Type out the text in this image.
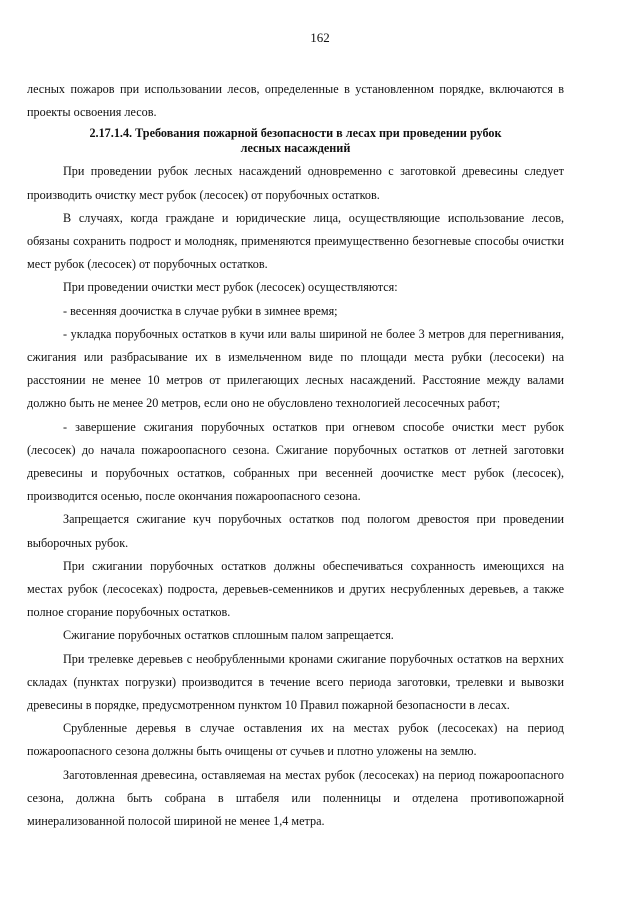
162

лесных пожаров при использовании лесов, определенные в установленном порядке, включаются в проекты освоения лесов.

2.17.1.4. Требования пожарной безопасности в лесах при проведении рубок
лесных насаждений

При проведении рубок лесных насаждений одновременно с заготовкой древесины следует производить очистку мест рубок (лесосек) от порубочных остатков.

В случаях, когда граждане и юридические лица, осуществляющие использование лесов, обязаны сохранить подрост и молодняк, применяются преимущественно безогневые способы очистки мест рубок (лесосек) от порубочных остатков.

При проведении очистки мест рубок (лесосек) осуществляются:

- весенняя доочистка в случае рубки в зимнее время;

- укладка порубочных остатков в кучи или валы шириной не более 3 метров для перегнивания, сжигания или разбрасывание их в измельченном виде по площади места рубки (лесосеки) на расстоянии не менее 10 метров от прилегающих лесных насаждений. Расстояние между валами должно быть не менее 20 метров, если оно не обусловлено технологией лесосечных работ;

- завершение сжигания порубочных остатков при огневом способе очистки мест рубок (лесосек) до начала пожароопасного сезона. Сжигание порубочных остатков от летней заготовки древесины и порубочных остатков, собранных при весенней доочистке мест рубок (лесосек), производится осенью, после окончания пожароопасного сезона.

Запрещается сжигание куч порубочных остатков под пологом древостоя при проведении выборочных рубок.

При сжигании порубочных остатков должны обеспечиваться сохранность имеющихся на местах рубок (лесосеках) подроста, деревьев-семенников и других несрубленных деревьев, а также полное сгорание порубочных остатков.

Сжигание порубочных остатков сплошным палом запрещается.

При трелевке деревьев с необрубленными кронами сжигание порубочных остатков на верхних складах (пунктах погрузки) производится в течение всего периода заготовки, трелевки и вывозки древесины в порядке, предусмотренном пунктом 10 Правил пожарной безопасности в лесах.

Срубленные деревья в случае оставления их на местах рубок (лесосеках) на период пожароопасного сезона должны быть очищены от сучьев и плотно уложены на землю.

Заготовленная древесина, оставляемая на местах рубок (лесосеках) на период пожароопасного сезона, должна быть собрана в штабеля или поленницы и отделена противопожарной минерализованной полосой шириной не менее 1,4 метра.
